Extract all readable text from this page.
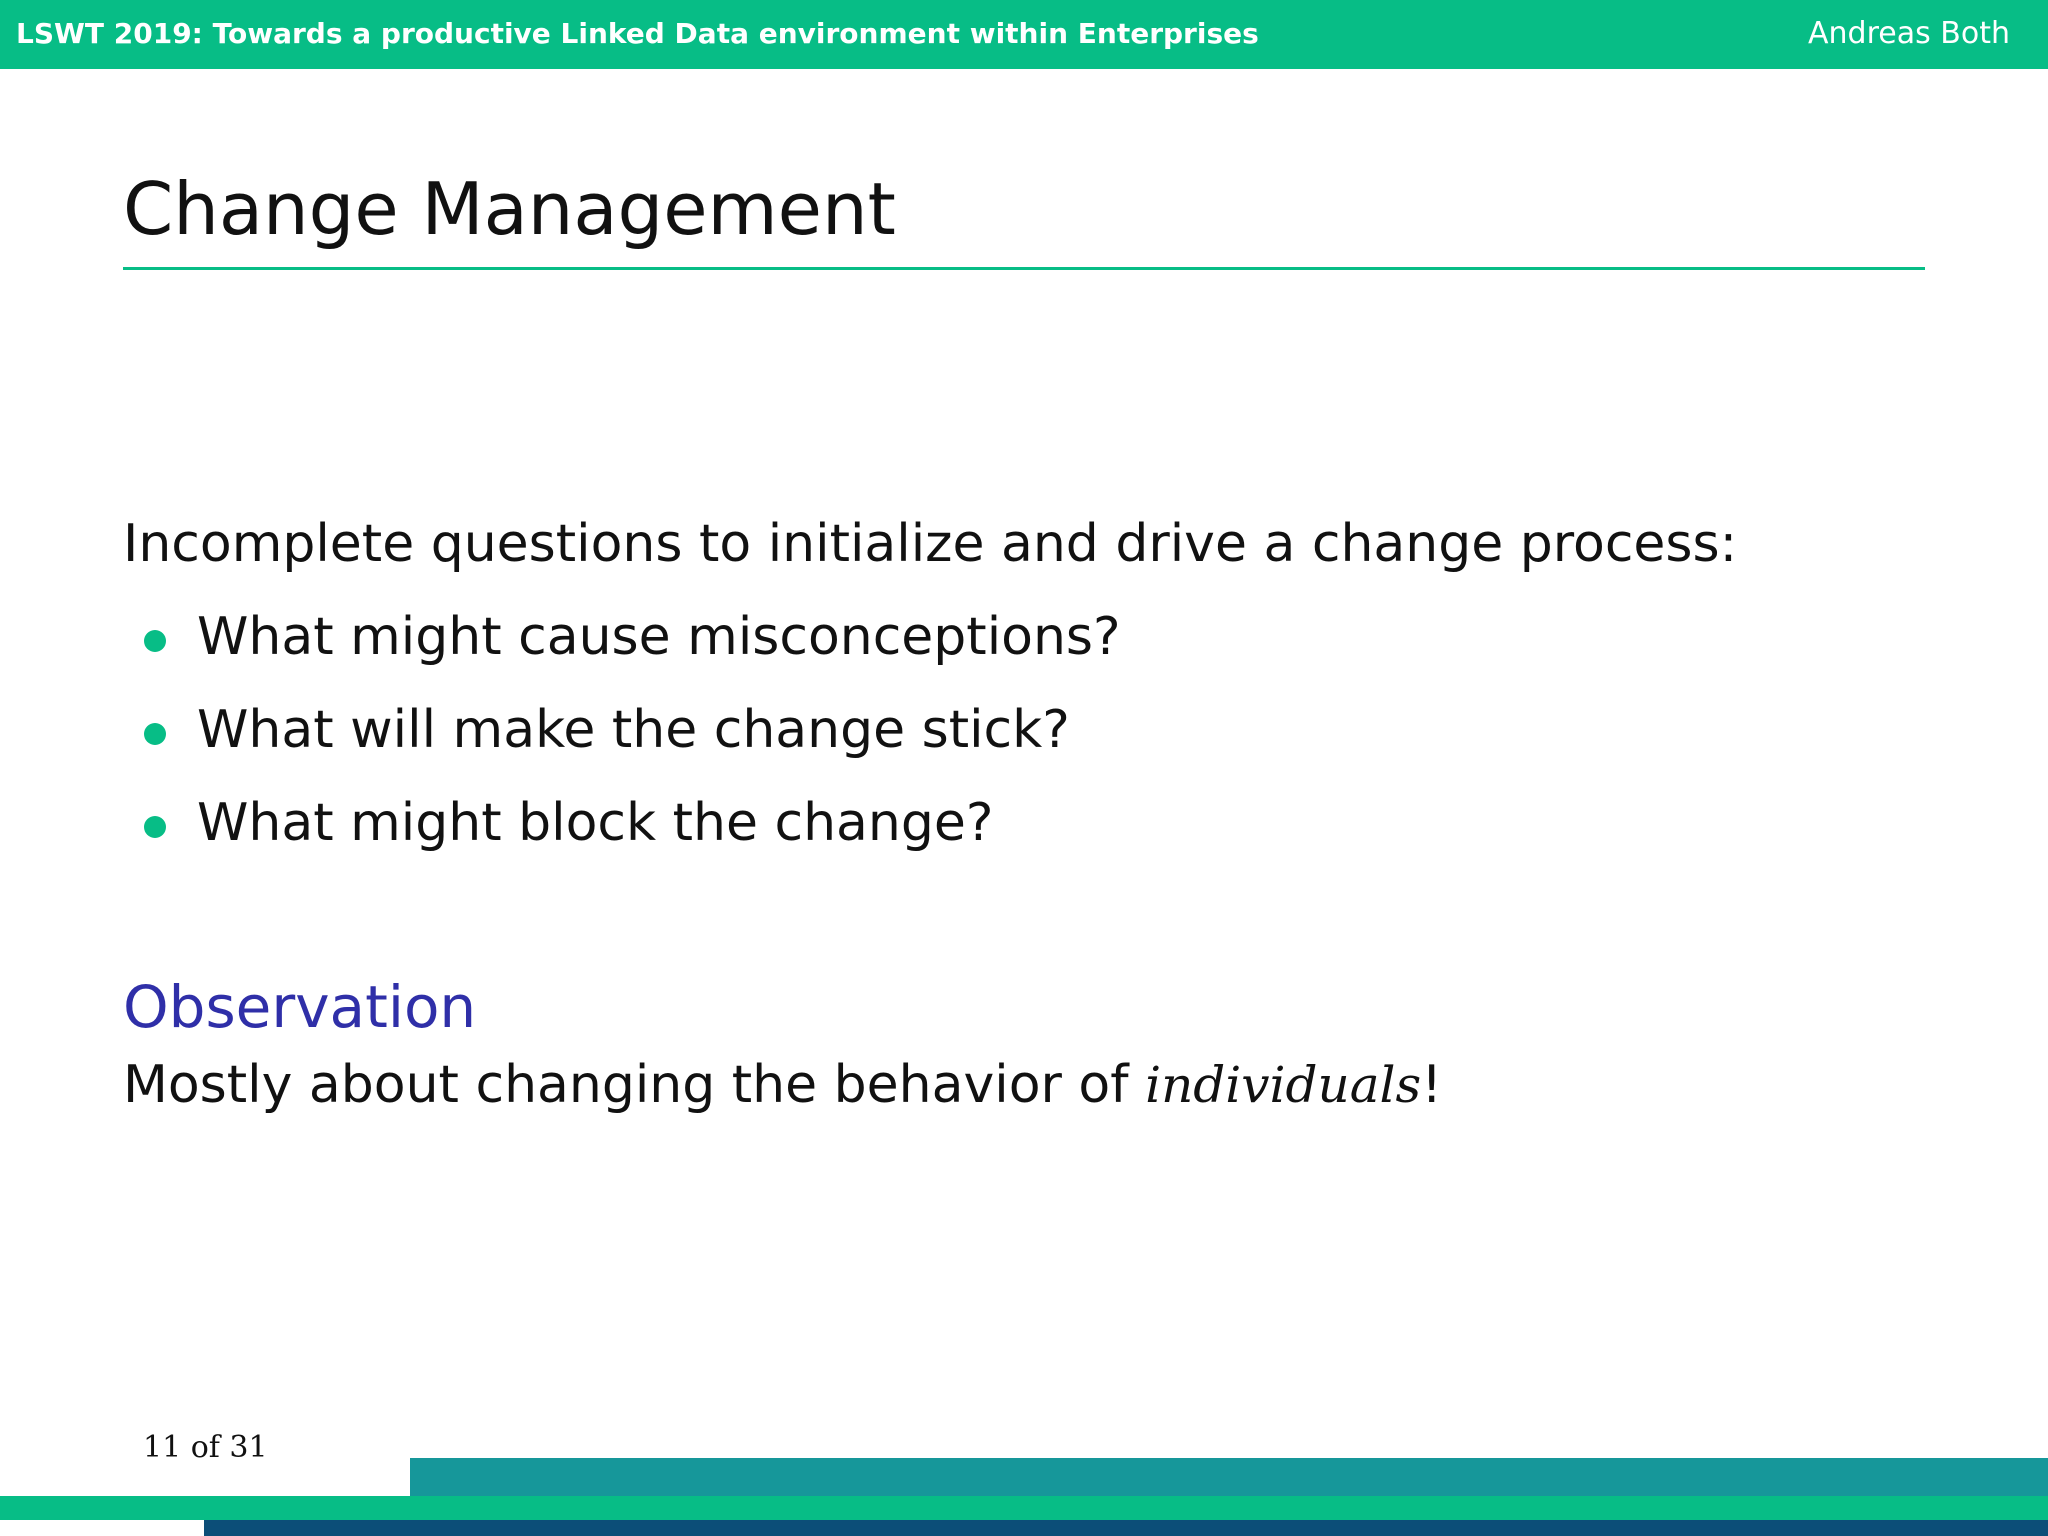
LSWT 2019: Towards a productive Linked Data environment within Enterprises	Andreas Both
Change Management
Incomplete questions to initialize and drive a change process:
What might cause misconceptions?
What will make the change stick?
What might block the change?
Observation
Mostly about changing the behavior of individuals!
11 of 31
